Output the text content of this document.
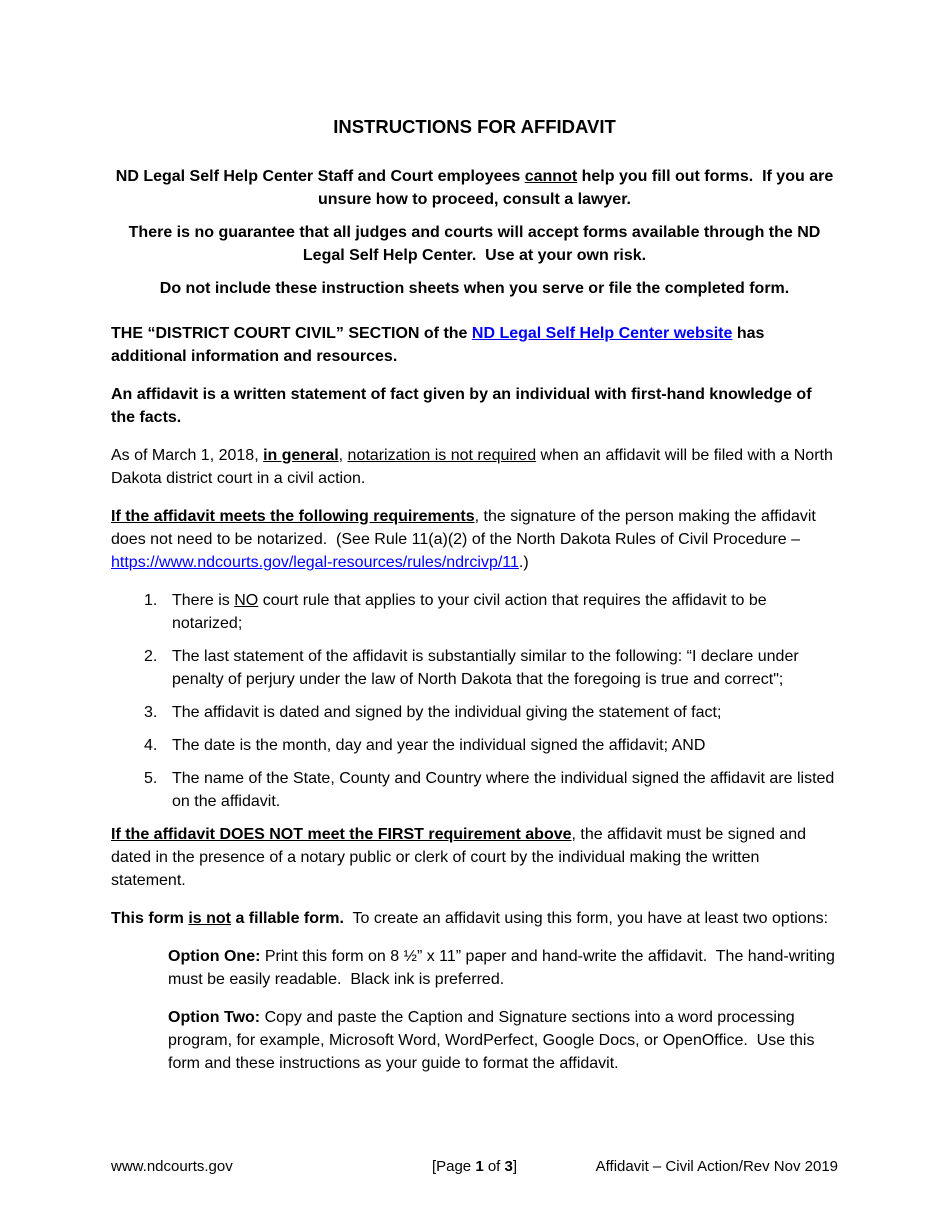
INSTRUCTIONS FOR AFFIDAVIT
ND Legal Self Help Center Staff and Court employees cannot help you fill out forms.  If you are unsure how to proceed, consult a lawyer.
There is no guarantee that all judges and courts will accept forms available through the ND Legal Self Help Center.  Use at your own risk.
Do not include these instruction sheets when you serve or file the completed form.
THE “DISTRICT COURT CIVIL” SECTION of the ND Legal Self Help Center website has additional information and resources.
An affidavit is a written statement of fact given by an individual with first-hand knowledge of the facts.
As of March 1, 2018, in general, notarization is not required when an affidavit will be filed with a North Dakota district court in a civil action.
If the affidavit meets the following requirements, the signature of the person making the affidavit does not need to be notarized.  (See Rule 11(a)(2) of the North Dakota Rules of Civil Procedure – https://www.ndcourts.gov/legal-resources/rules/ndrcivp/11.)
1. There is NO court rule that applies to your civil action that requires the affidavit to be notarized;
2. The last statement of the affidavit is substantially similar to the following: “I declare under penalty of perjury under the law of North Dakota that the foregoing is true and correct";
3. The affidavit is dated and signed by the individual giving the statement of fact;
4. The date is the month, day and year the individual signed the affidavit; AND
5. The name of the State, County and Country where the individual signed the affidavit are listed on the affidavit.
If the affidavit DOES NOT meet the FIRST requirement above, the affidavit must be signed and dated in the presence of a notary public or clerk of court by the individual making the written statement.
This form is not a fillable form.  To create an affidavit using this form, you have at least two options:
Option One: Print this form on 8 ½” x 11” paper and hand-write the affidavit.  The hand-writing must be easily readable.  Black ink is preferred.
Option Two: Copy and paste the Caption and Signature sections into a word processing program, for example, Microsoft Word, WordPerfect, Google Docs, or OpenOffice.  Use this form and these instructions as your guide to format the affidavit.
www.ndcourts.gov	[Page 1 of 3]	Affidavit – Civil Action/Rev Nov 2019
